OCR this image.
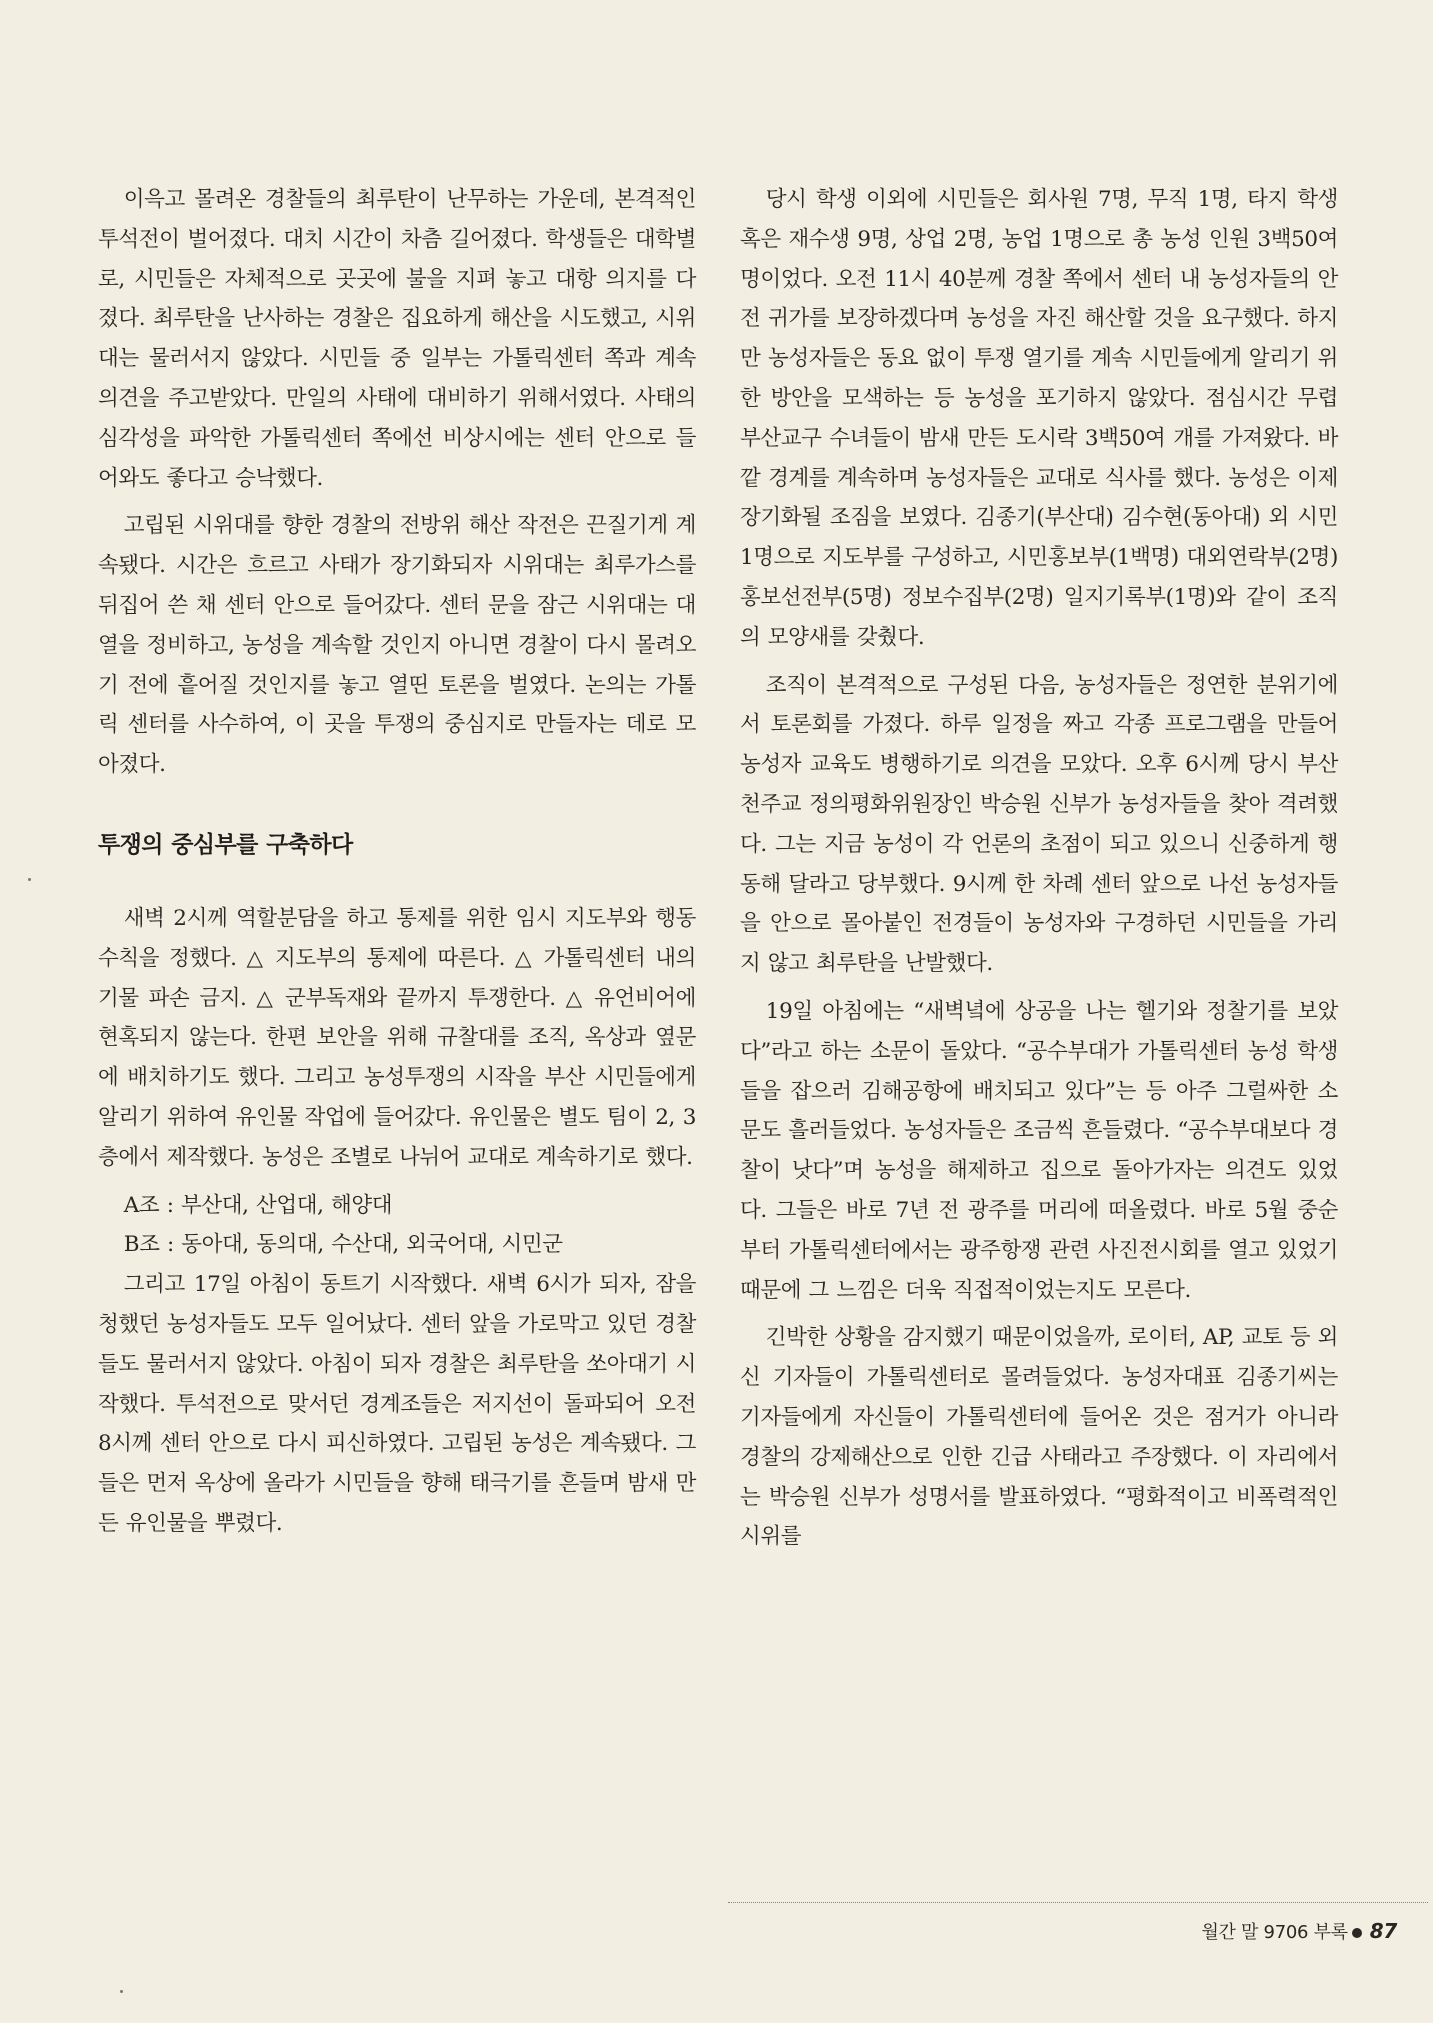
이윽고 몰려온 경찰들의 최루탄이 난무하는 가운데, 본격적인 투석전이 벌어졌다. 대치 시간이 차츰 길어졌다. 학생들은 대학별로, 시민들은 자체적으로 곳곳에 불을 지펴 놓고 대항 의지를 다졌다. 최루탄을 난사하는 경찰은 집요하게 해산을 시도했고, 시위대는 물러서지 않았다. 시민들 중 일부는 가톨릭센터 쪽과 계속 의견을 주고받았다. 만일의 사태에 대비하기 위해서였다. 사태의 심각성을 파악한 가톨릭센터 쪽에선 비상시에는 센터 안으로 들어와도 좋다고 승낙했다.

고립된 시위대를 향한 경찰의 전방위 해산 작전은 끈질기게 계속됐다. 시간은 흐르고 사태가 장기화되자 시위대는 최루가스를 뒤집어 쓴 채 센터 안으로 들어갔다. 센터 문을 잠근 시위대는 대열을 정비하고, 농성을 계속할 것인지 아니면 경찰이 다시 몰려오기 전에 흩어질 것인지를 놓고 열띤 토론을 벌였다. 논의는 가톨릭 센터를 사수하여, 이 곳을 투쟁의 중심지로 만들자는 데로 모아졌다.

투쟁의 중심부를 구축하다

새벽 2시께 역할분담을 하고 통제를 위한 임시 지도부와 행동수칙을 정했다. △ 지도부의 통제에 따른다. △ 가톨릭센터 내의 기물 파손 금지. △ 군부독재와 끝까지 투쟁한다. △ 유언비어에 현혹되지 않는다. 한편 보안을 위해 규찰대를 조직, 옥상과 옆문에 배치하기도 했다. 그리고 농성투쟁의 시작을 부산 시민들에게 알리기 위하여 유인물 작업에 들어갔다. 유인물은 별도 팀이 2, 3층에서 제작했다. 농성은 조별로 나뉘어 교대로 계속하기로 했다.

A조 : 부산대, 산업대, 해양대

B조 : 동아대, 동의대, 수산대, 외국어대, 시민군

그리고 17일 아침이 동트기 시작했다. 새벽 6시가 되자, 잠을 청했던 농성자들도 모두 일어났다. 센터 앞을 가로막고 있던 경찰들도 물러서지 않았다. 아침이 되자 경찰은 최루탄을 쏘아대기 시작했다. 투석전으로 맞서던 경계조들은 저지선이 돌파되어 오전 8시께 센터 안으로 다시 피신하였다. 고립된 농성은 계속됐다. 그들은 먼저 옥상에 올라가 시민들을 향해 태극기를 흔들며 밤새 만든 유인물을 뿌렸다.

당시 학생 이외에 시민들은 회사원 7명, 무직 1명, 타지 학생 혹은 재수생 9명, 상업 2명, 농업 1명으로 총 농성 인원 3백50여명이었다. 오전 11시 40분께 경찰 쪽에서 센터 내 농성자들의 안전 귀가를 보장하겠다며 농성을 자진 해산할 것을 요구했다. 하지만 농성자들은 동요 없이 투쟁 열기를 계속 시민들에게 알리기 위한 방안을 모색하는 등 농성을 포기하지 않았다. 점심시간 무렵 부산교구 수녀들이 밤새 만든 도시락 3백50여 개를 가져왔다. 바깥 경계를 계속하며 농성자들은 교대로 식사를 했다. 농성은 이제 장기화될 조짐을 보였다. 김종기(부산대) 김수현(동아대) 외 시민 1명으로 지도부를 구성하고, 시민홍보부(1백명) 대외연락부(2명) 홍보선전부(5명) 정보수집부(2명) 일지기록부(1명)와 같이 조직의 모양새를 갖췄다.

조직이 본격적으로 구성된 다음, 농성자들은 정연한 분위기에서 토론회를 가졌다. 하루 일정을 짜고 각종 프로그램을 만들어 농성자 교육도 병행하기로 의견을 모았다. 오후 6시께 당시 부산천주교 정의평화위원장인 박승원 신부가 농성자들을 찾아 격려했다. 그는 지금 농성이 각 언론의 초점이 되고 있으니 신중하게 행동해 달라고 당부했다. 9시께 한 차례 센터 앞으로 나선 농성자들을 안으로 몰아붙인 전경들이 농성자와 구경하던 시민들을 가리지 않고 최루탄을 난발했다.

19일 아침에는 “새벽녘에 상공을 나는 헬기와 정찰기를 보았다”라고 하는 소문이 돌았다. “공수부대가 가톨릭센터 농성 학생들을 잡으러 김해공항에 배치되고 있다”는 등 아주 그럴싸한 소문도 흘러들었다. 농성자들은 조금씩 흔들렸다. “공수부대보다 경찰이 낫다”며 농성을 해제하고 집으로 돌아가자는 의견도 있었다. 그들은 바로 7년 전 광주를 머리에 떠올렸다. 바로 5월 중순부터 가톨릭센터에서는 광주항쟁 관련 사진전시회를 열고 있었기 때문에 그 느낌은 더욱 직접적이었는지도 모른다.

긴박한 상황을 감지했기 때문이었을까, 로이터, AP, 교토 등 외신 기자들이 가톨릭센터로 몰려들었다. 농성자대표 김종기씨는 기자들에게 자신들이 가톨릭센터에 들어온 것은 점거가 아니라 경찰의 강제해산으로 인한 긴급 사태라고 주장했다. 이 자리에서는 박승원 신부가 성명서를 발표하였다. “평화적이고 비폭력적인 시위를

월간 말 9706 부록 87
